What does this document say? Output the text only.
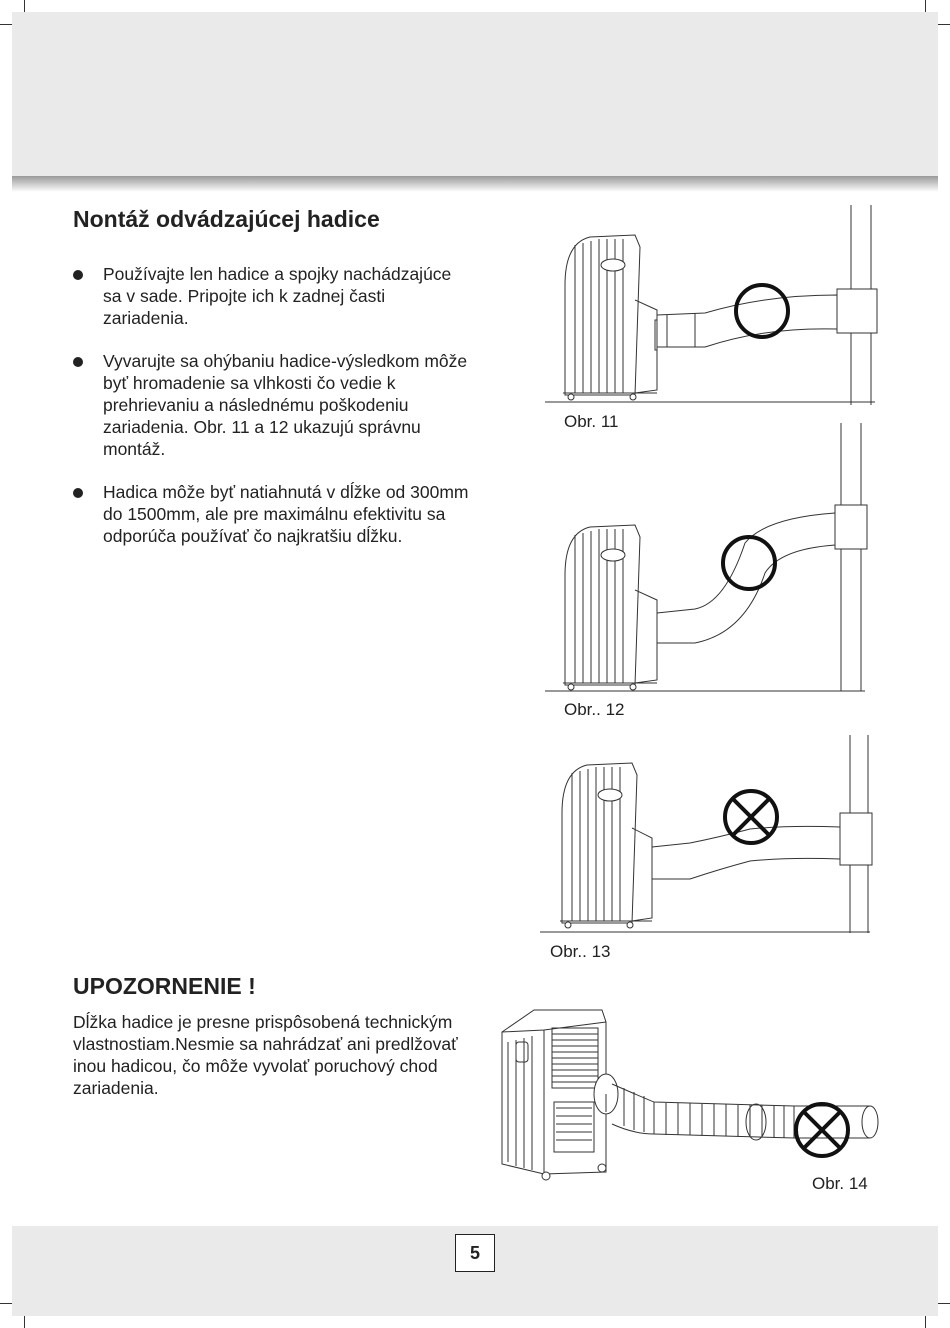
Nontáž odvádzajúcej hadice
Používajte len hadice a spojky nachádzajúce sa v sade. Pripojte ich k zadnej časti zariadenia.
Vyvarujte sa ohýbaniu hadice-výsledkom môže byť hromadenie sa vlhkosti čo vedie k prehrievaniu a následnému poškodeniu zariadenia. Obr. 11 a 12 ukazujú správnu montáž.
Hadica môže byť natiahnutá v dĺžke od 300mm do 1500mm, ale pre maximálnu efektivitu sa odporúča používať čo najkratšiu dĺžku.
UPOZORNENIE !
Dĺžka hadice je presne prispôsobená technickým vlastnostiam.Nesmie sa nahrádzať ani predlžovať inou hadicou, čo môže vyvolať poruchový chod zariadenia.
Obr. 11
Obr.. 12
Obr.. 13
Obr. 14
5
